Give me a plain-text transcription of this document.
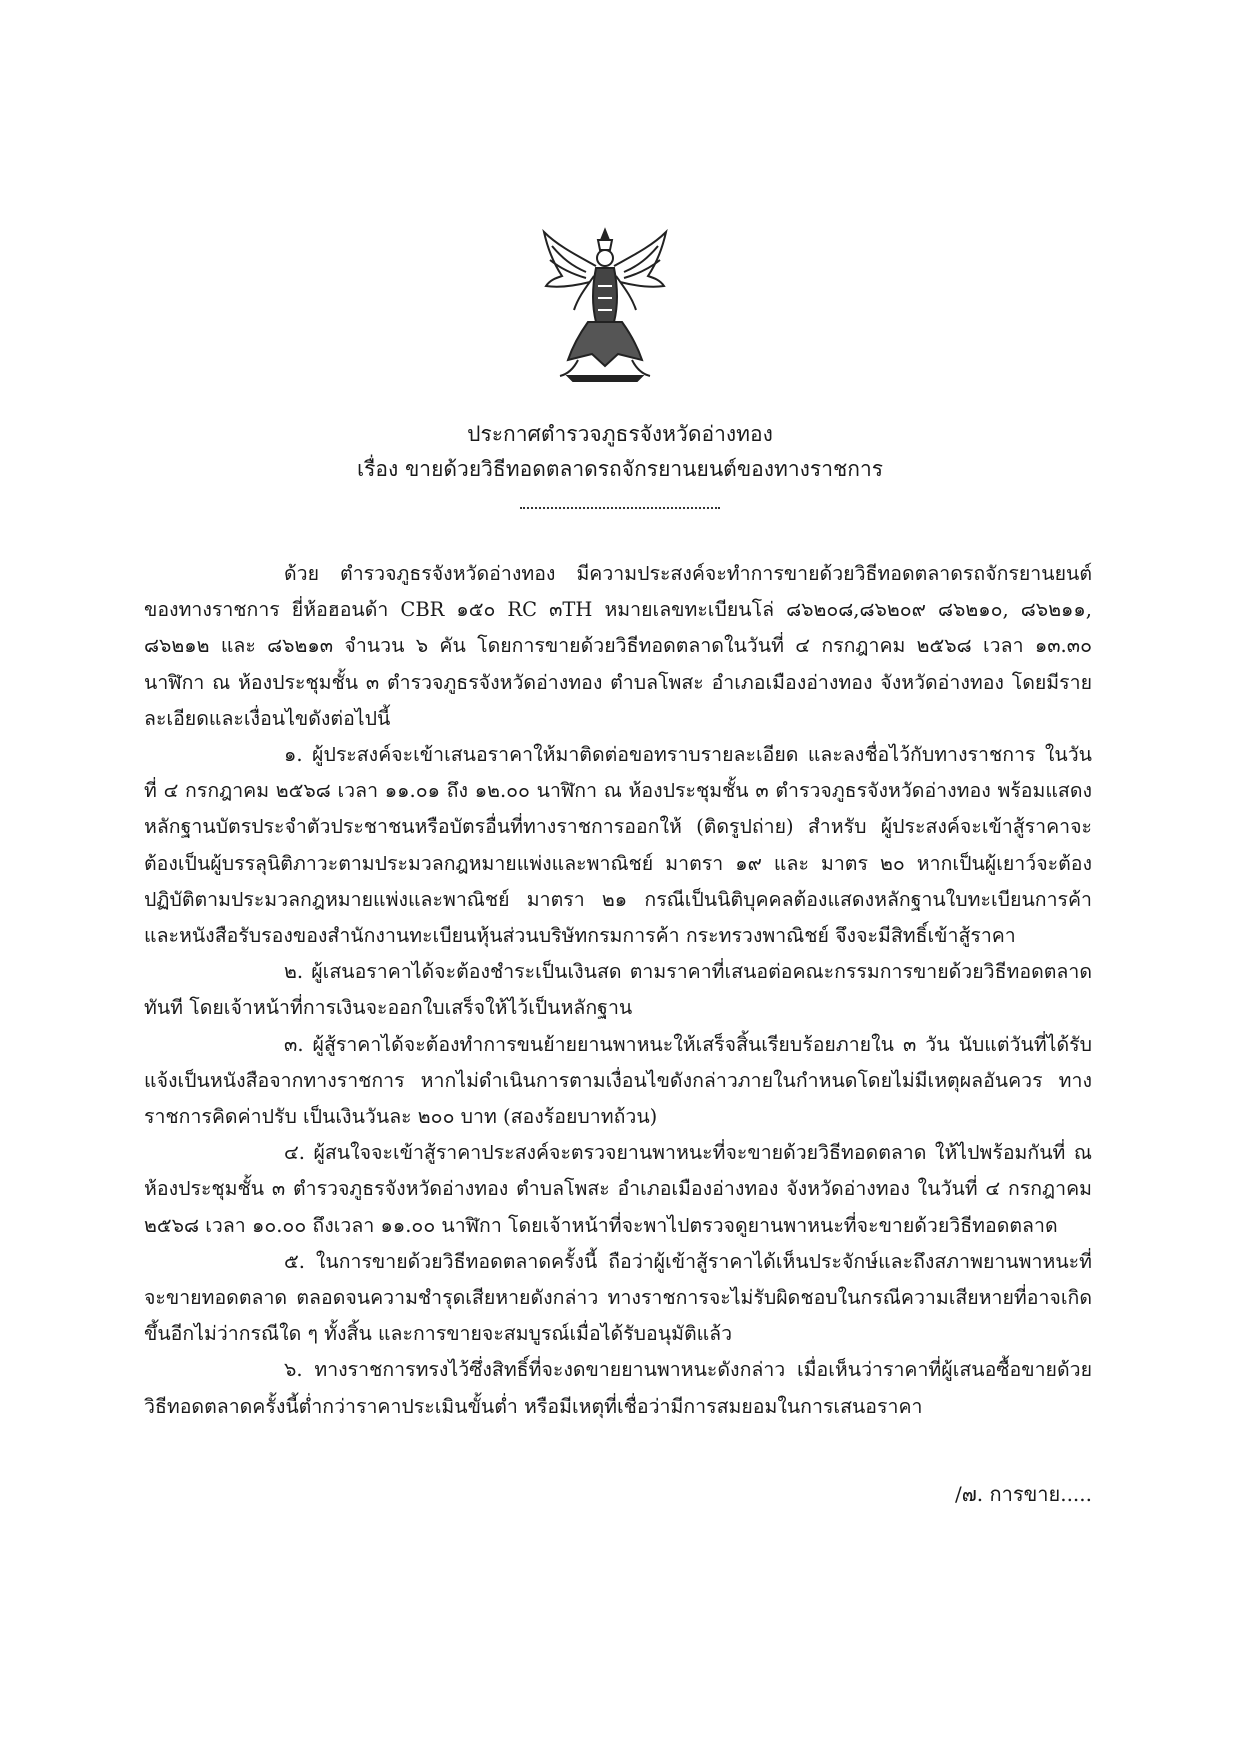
ประกาศตำรวจภูธรจังหวัดอ่างทอง
เรื่อง ขายด้วยวิธีทอดตลาดรถจักรยานยนต์ของทางราชการ

ด้วย ตำรวจภูธรจังหวัดอ่างทอง มีความประสงค์จะทำการขายด้วยวิธีทอดตลาดรถจักรยานยนต์ของทางราชการ ยี่ห้อฮอนด้า CBR ๑๕๐ RC ๓TH หมายเลขทะเบียนโล่ ๘๖๒๐๘,๘๖๒๐๙ ๘๖๒๑๐, ๘๖๒๑๑, ๘๖๒๑๒ และ ๘๖๒๑๓ จำนวน ๖ คัน โดยการขายด้วยวิธีทอดตลาดในวันที่ ๔ กรกฎาคม ๒๕๖๘ เวลา ๑๓.๓๐ นาฬิกา ณ ห้องประชุมชั้น ๓ ตำรวจภูธรจังหวัดอ่างทอง ตำบลโพสะ อำเภอเมืองอ่างทอง จังหวัดอ่างทอง โดยมีรายละเอียดและเงื่อนไขดังต่อไปนี้

๑. ผู้ประสงค์จะเข้าเสนอราคาให้มาติดต่อขอทราบรายละเอียด และลงชื่อไว้กับทางราชการ ในวันที่ ๔ กรกฎาคม ๒๕๖๘ เวลา ๑๑.๐๑ ถึง ๑๒.๐๐ นาฬิกา ณ ห้องประชุมชั้น ๓ ตำรวจภูธรจังหวัดอ่างทอง พร้อมแสดงหลักฐานบัตรประจำตัวประชาชนหรือบัตรอื่นที่ทางราชการออกให้ (ติดรูปถ่าย) สำหรับ ผู้ประสงค์จะเข้าสู้ราคาจะต้องเป็นผู้บรรลุนิติภาวะตามประมวลกฎหมายแพ่งและพาณิชย์ มาตรา ๑๙ และ มาตร ๒๐ หากเป็นผู้เยาว์จะต้องปฏิบัติตามประมวลกฎหมายแพ่งและพาณิชย์ มาตรา ๒๑ กรณีเป็นนิติบุคคลต้องแสดงหลักฐานใบทะเบียนการค้า และหนังสือรับรองของสำนักงานทะเบียนหุ้นส่วนบริษัทกรมการค้า กระทรวงพาณิชย์ จึงจะมีสิทธิ์เข้าสู้ราคา

๒. ผู้เสนอราคาได้จะต้องชำระเป็นเงินสด ตามราคาที่เสนอต่อคณะกรรมการขายด้วยวิธีทอดตลาดทันที โดยเจ้าหน้าที่การเงินจะออกใบเสร็จให้ไว้เป็นหลักฐาน

๓. ผู้สู้ราคาได้จะต้องทำการขนย้ายยานพาหนะให้เสร็จสิ้นเรียบร้อยภายใน ๓ วัน นับแต่วันที่ได้รับแจ้งเป็นหนังสือจากทางราชการ หากไม่ดำเนินการตามเงื่อนไขดังกล่าวภายในกำหนดโดยไม่มีเหตุผลอันควร ทางราชการคิดค่าปรับ เป็นเงินวันละ ๒๐๐ บาท (สองร้อยบาทถ้วน)

๔. ผู้สนใจจะเข้าสู้ราคาประสงค์จะตรวจยานพาหนะที่จะขายด้วยวิธีทอดตลาด ให้ไปพร้อมกันที่ ณ ห้องประชุมชั้น ๓ ตำรวจภูธรจังหวัดอ่างทอง ตำบลโพสะ อำเภอเมืองอ่างทอง จังหวัดอ่างทอง ในวันที่ ๔ กรกฎาคม ๒๕๖๘ เวลา ๑๐.๐๐ ถึงเวลา ๑๑.๐๐ นาฬิกา โดยเจ้าหน้าที่จะพาไปตรวจดูยานพาหนะที่จะขายด้วยวิธีทอดตลาด

๕. ในการขายด้วยวิธีทอดตลาดครั้งนี้ ถือว่าผู้เข้าสู้ราคาได้เห็นประจักษ์และถึงสภาพยานพาหนะที่จะขายทอดตลาด ตลอดจนความชำรุดเสียหายดังกล่าว ทางราชการจะไม่รับผิดชอบในกรณีความเสียหายที่อาจเกิดขึ้นอีกไม่ว่ากรณีใด ๆ ทั้งสิ้น และการขายจะสมบูรณ์เมื่อได้รับอนุมัติแล้ว

๖. ทางราชการทรงไว้ซึ่งสิทธิ์ที่จะงดขายยานพาหนะดังกล่าว เมื่อเห็นว่าราคาที่ผู้เสนอซื้อขายด้วยวิธีทอดตลาดครั้งนี้ต่ำกว่าราคาประเมินขั้นต่ำ หรือมีเหตุที่เชื่อว่ามีการสมยอมในการเสนอราคา

/๗. การขาย.....
